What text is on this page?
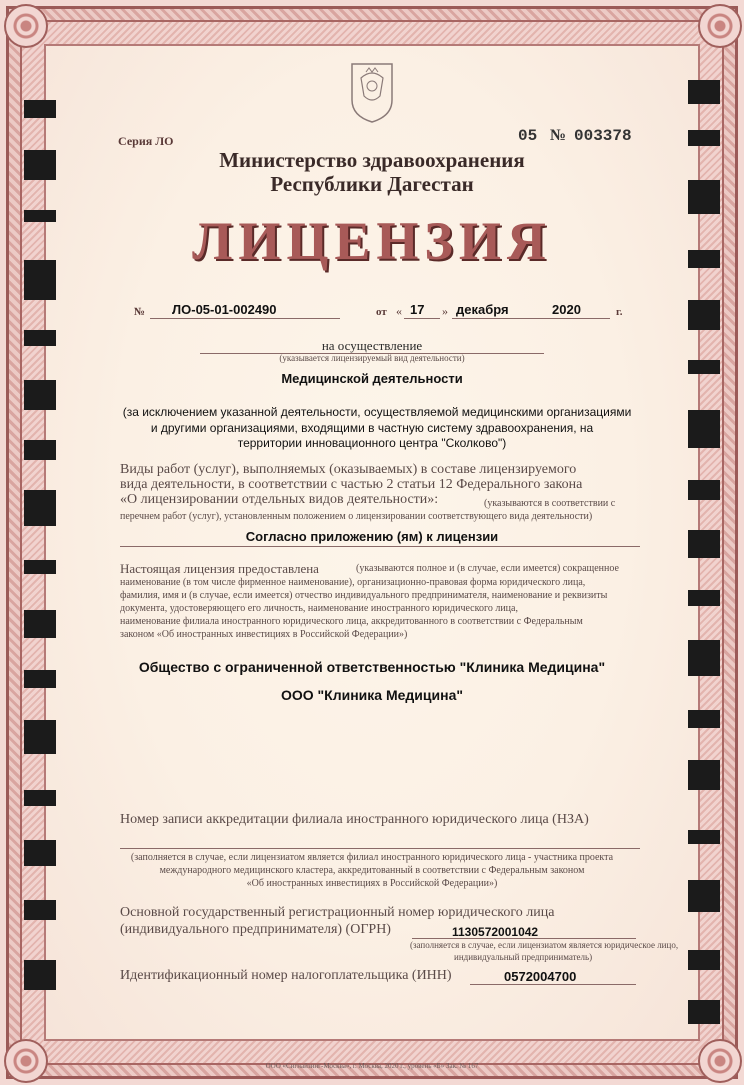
Серия ЛО	05 № 003378
Министерство здравоохранения
Республики Дагестан
ЛИЦЕНЗИЯ
№ ЛО-05-01-002490	от « 17 » декабря	2020	г.
на осуществление
(указывается лицензируемый вид деятельности)
Медицинской деятельности
(за исключением указанной деятельности, осуществляемой медицинскими организациями
и другими организациями, входящими в частную систему здравоохранения, на
территории инновационного центра "Сколково")
Виды работ (услуг), выполняемых (оказываемых) в составе лицензируемого
вида деятельности, в соответствии с частью 2 статьи 12 Федерального закона
«О лицензировании отдельных видов деятельности»:	(указываются в соответствии с
перечнем работ (услуг), установленным положением о лицензировании соответствующего вида деятельности)
Согласно приложению (ям) к лицензии
Настоящая лицензия предоставлена	(указываются полное и (в случае, если имеется) сокращенное
наименование (в том числе фирменное наименование), организационно-правовая форма юридического лица,
фамилия, имя и (в случае, если имеется) отчество индивидуального предпринимателя, наименование и реквизиты
документа, удостоверяющего его личность, наименование иностранного юридического лица,
наименование филиала иностранного юридического лица, аккредитованного в соответствии с Федеральным
законом «Об иностранных инвестициях в Российской Федерации»)
Общество с ограниченной ответственностью "Клиника Медицина"
ООО "Клиника Медицина"
Номер записи аккредитации филиала иностранного юридического лица (НЗА)
(заполняется в случае, если лицензиатом является филиал иностранного юридического лица - участника проекта
международного медицинского кластера, аккредитованный в соответствии с Федеральным законом
«Об иностранных инвестициях в Российской Федерации»)
Основной государственный регистрационный номер юридического лица
(индивидуального предпринимателя) (ОГРН)	1130572001042
(заполняется в случае, если лицензиатом является юридическое лицо,
индивидуальный предприниматель)
Идентификационный номер налогоплательщика (ИНН)	0572004700
ООО «Сигнайзинг-Москва», г. Москва, 2020 г., уровень «Б» Зак. № 167
